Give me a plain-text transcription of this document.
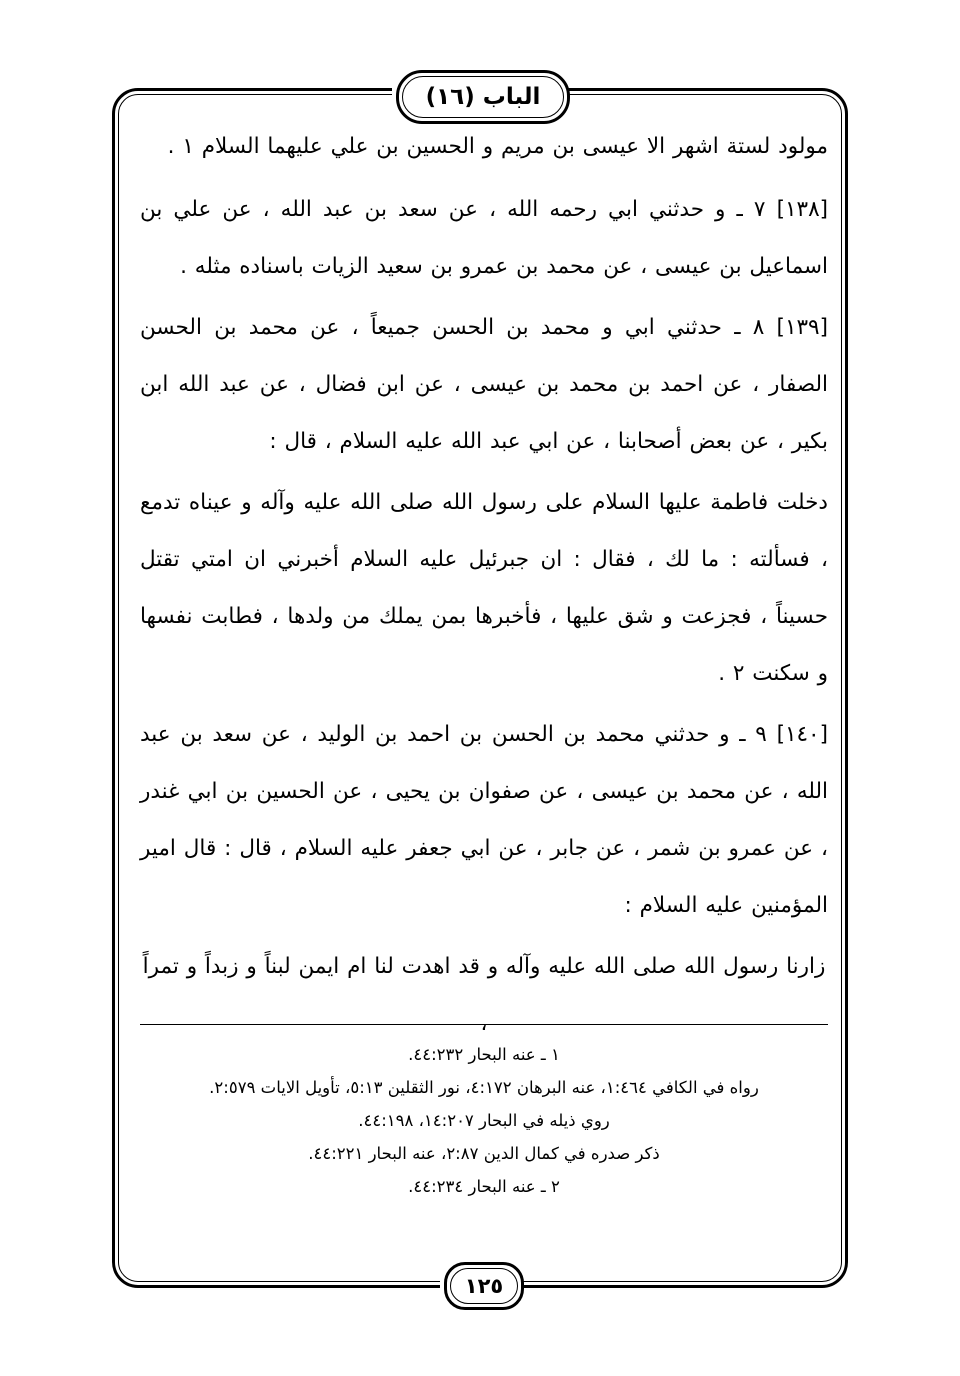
الباب (١٦)

مولود لستة اشهر الا عيسى بن مريم و الحسين بن علي عليهما السلام ١ .

[١٣٨] ٧ ـ و حدثني ابي رحمه الله ، عن سعد بن عبد الله ، عن علي بن اسماعيل بن عيسى ، عن محمد بن عمرو بن سعيد الزيات باسناده مثله .

[١٣٩] ٨ ـ حدثني ابي و محمد بن الحسن جميعاً ، عن محمد بن الحسن الصفار ، عن احمد بن محمد بن عيسى ، عن ابن فضال ، عن عبد الله ابن بكير ، عن بعض أصحابنا ، عن ابي عبد الله عليه السلام ، قال :

دخلت فاطمة عليها السلام على رسول الله صلى الله عليه وآله و عيناه تدمع ، فسألته : ما لك ، فقال : ان جبرئيل عليه السلام أخبرني ان امتي تقتل حسيناً ، فجزعت و شق عليها ، فأخبرها بمن يملك من ولدها ، فطابت نفسها و سكنت ٢ .

[١٤٠] ٩ ـ و حدثني محمد بن الحسن بن احمد بن الوليد ، عن سعد بن عبد الله ، عن محمد بن عيسى ، عن صفوان بن يحيى ، عن الحسين بن ابي غندر ، عن عمرو بن شمر ، عن جابر ، عن ابي جعفر عليه السلام ، قال : قال امير المؤمنين عليه السلام :

زارنا رسول الله صلى الله عليه وآله و قد اهدت لنا ام ايمن لبناً و زبداً و تمراً ،

١ ـ عنه البحار ٤٤:٢٣٢.

رواه في الكافي ١:٤٦٤، عنه البرهان ٤:١٧٢، نور الثقلين ٥:١٣، تأويل الايات ٢:٥٧٩.

روي ذيله في البحار ١٤:٢٠٧، ٤٤:١٩٨.

ذكر صدره في كمال الدين ٢:٨٧، عنه البحار ٤٤:٢٢١.

٢ ـ عنه البحار ٤٤:٢٣٤.

١٢٥
